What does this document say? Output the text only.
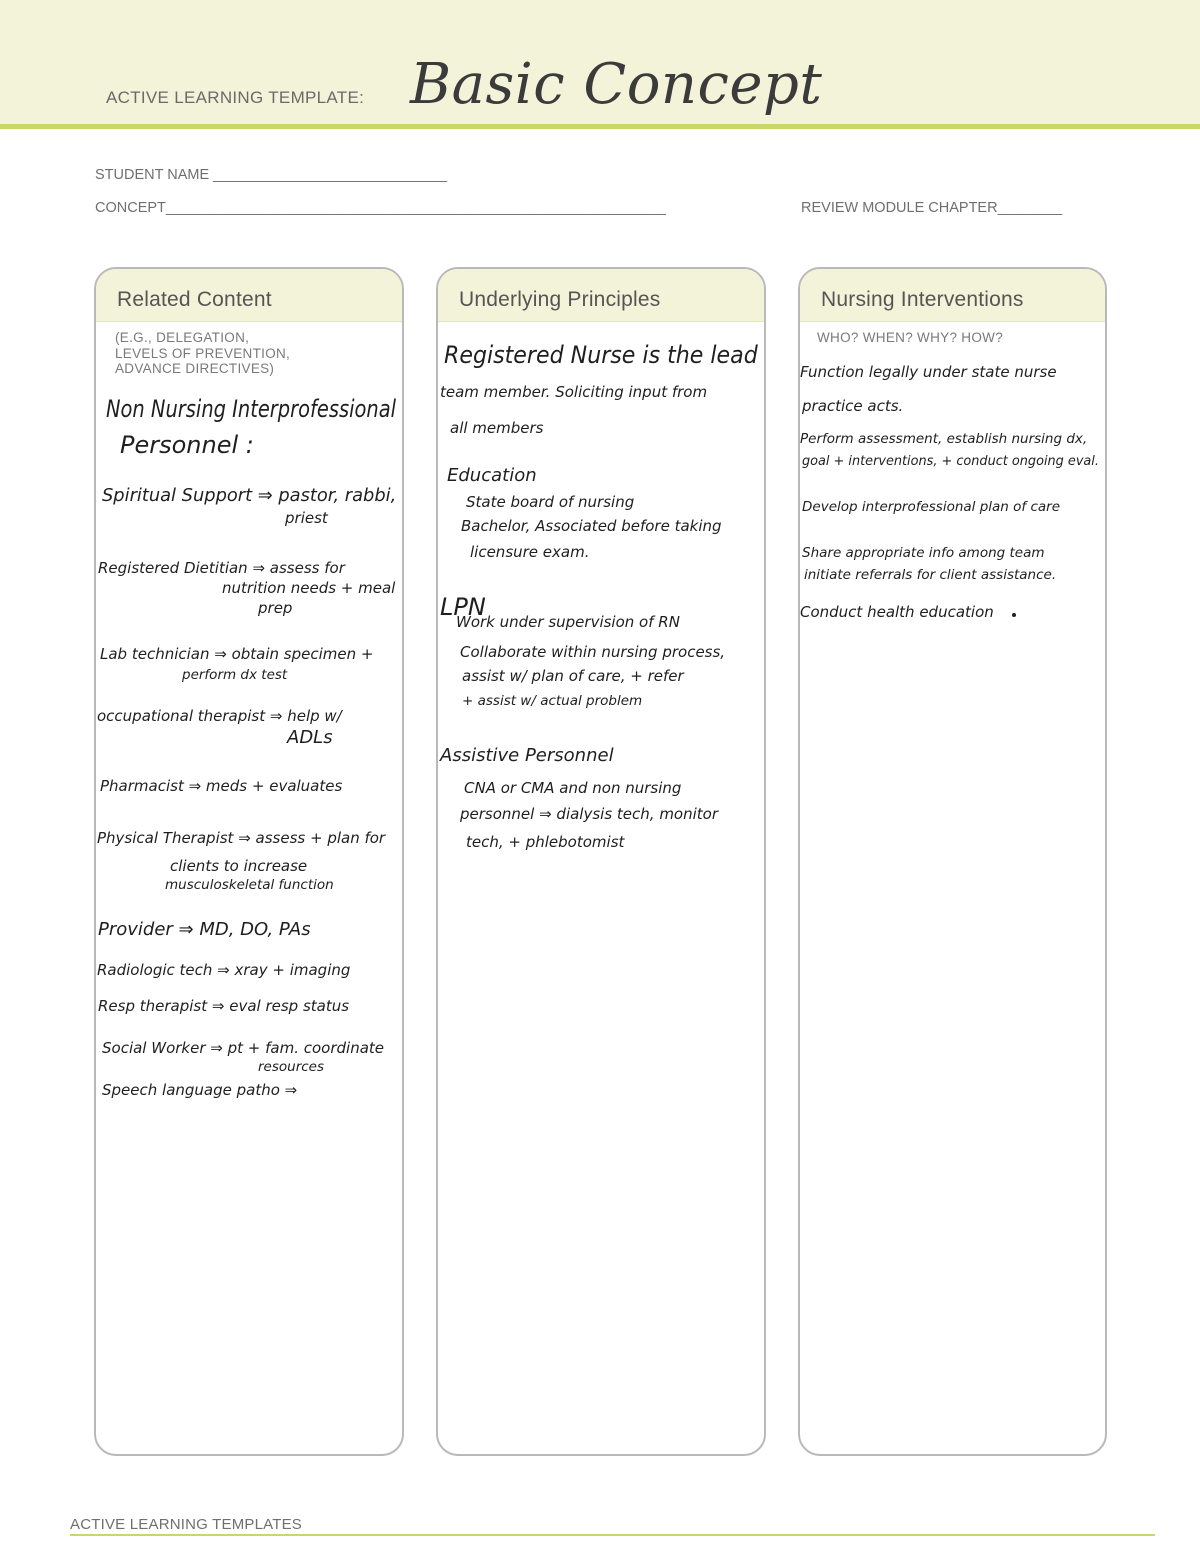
ACTIVE LEARNING TEMPLATE: Basic Concept
STUDENT NAME _____________________________
CONCEPT______________________________________________________________	REVIEW MODULE CHAPTER________
Related Content
(E.G., DELEGATION,
LEVELS OF PREVENTION,
ADVANCE DIRECTIVES)
Non Nursing Interprofessional
Personnel :
Spiritual Support ⇒ pastor, rabbi,
priest
Registered Dietitian ⇒ assess for
nutrition needs + meal
prep
Lab technician ⇒ obtain specimen +
perform dx test
occupational therapist ⇒ help w/
ADLs
Pharmacist ⇒ meds + evaluates
Physical Therapist ⇒ assess + plan for
clients to increase
musculoskeletal function
Provider ⇒ MD, DO, PAs
Radiologic tech ⇒ xray + imaging
Resp therapist ⇒ eval resp status
Social Worker ⇒ pt + fam. coordinate
resources
Speech language patho ⇒
Underlying Principles
Registered Nurse is the lead
team member. Soliciting input from
all members
Education
State board of nursing
Bachelor, Associated before taking
licensure exam.
LPN
Work under supervision of RN
Collaborate within nursing process,
assist w/ plan of care, + refer
+ assist w/ actual problem
Assistive Personnel
CNA or CMA and non nursing
personnel ⇒ dialysis tech, monitor
tech, + phlebotomist
Nursing Interventions
WHO? WHEN? WHY? HOW?
Function legally under state nurse
practice acts.
Perform assessment, establish nursing dx,
goal + interventions, + conduct ongoing eval.
Develop interprofessional plan of care
Share appropriate info among team
initiate referrals for client assistance.
Conduct health education
ACTIVE LEARNING TEMPLATES
